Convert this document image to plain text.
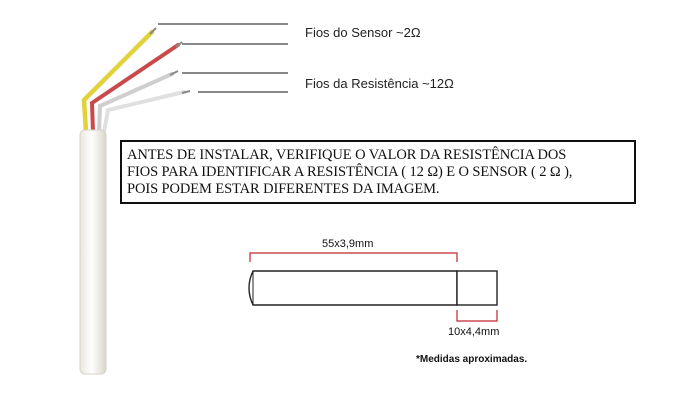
Fios do Sensor ~2Ω
Fios da Resistência ~12Ω
ANTES DE INSTALAR, VERIFIQUE O VALOR DA RESISTÊNCIA DOS
FIOS PARA IDENTIFICAR A RESISTÊNCIA ( 12 Ω) E O SENSOR ( 2 Ω ),
POIS PODEM ESTAR DIFERENTES DA IMAGEM.
55x3,9mm
10x4,4mm
*Medidas aproximadas.
